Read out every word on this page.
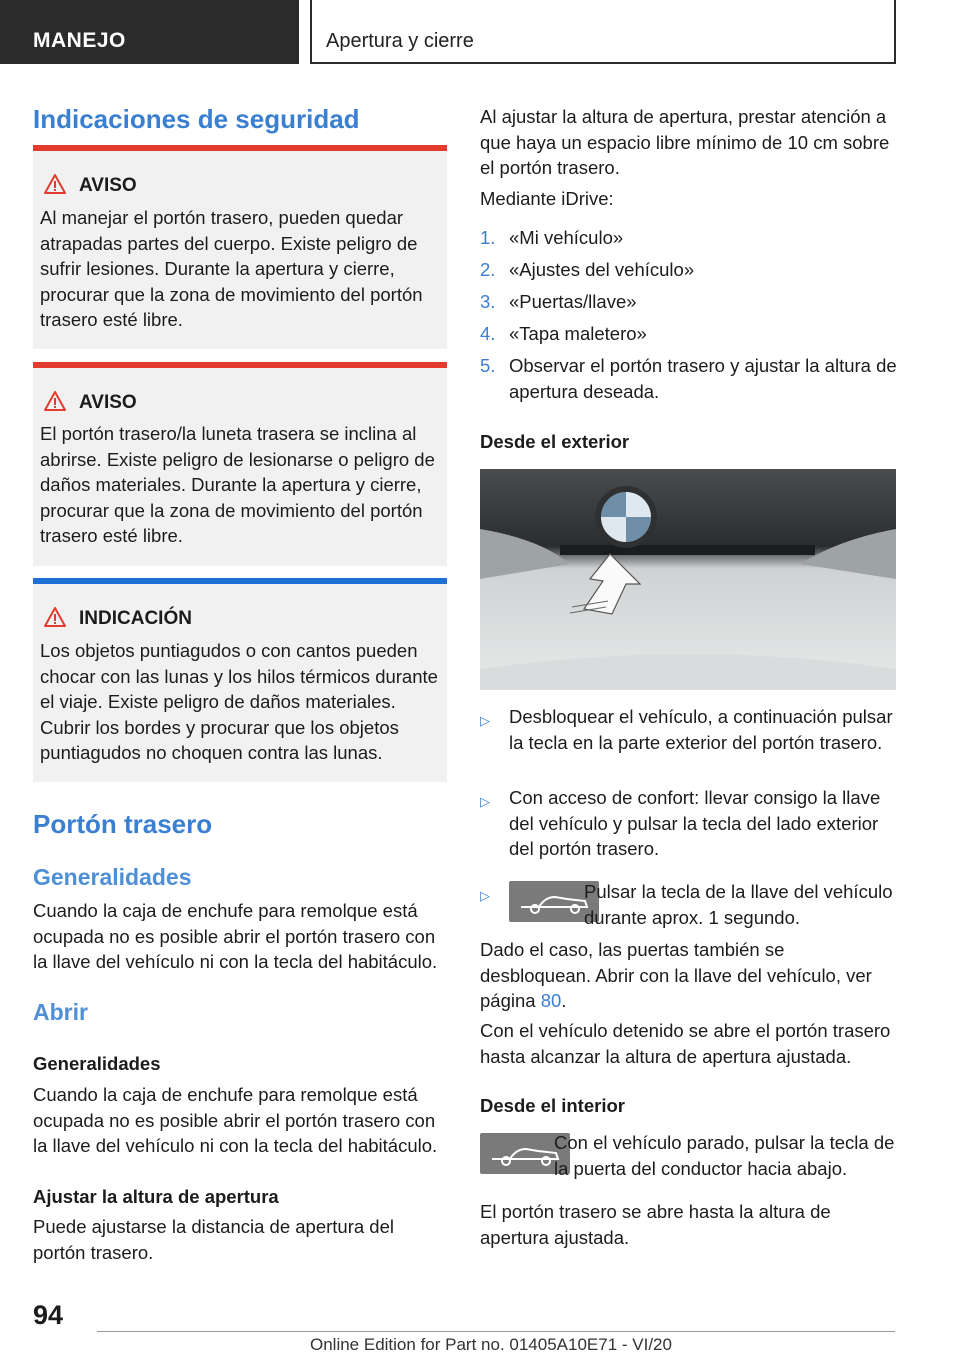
MANEJO	Apertura y cierre
Indicaciones de seguridad
AVISO
Al manejar el portón trasero, pueden quedar atrapadas partes del cuerpo. Existe peligro de sufrir lesiones. Durante la apertura y cierre, procurar que la zona de movimiento del portón trasero esté libre.
AVISO
El portón trasero/la luneta trasera se inclina al abrirse. Existe peligro de lesionarse o peligro de daños materiales. Durante la apertura y cierre, procurar que la zona de movimiento del portón trasero esté libre.
INDICACIÓN
Los objetos puntiagudos o con cantos pueden chocar con las lunas y los hilos térmicos durante el viaje. Existe peligro de daños materiales. Cubrir los bordes y procurar que los objetos puntiagudos no choquen contra las lunas.
Portón trasero
Generalidades
Cuando la caja de enchufe para remolque está ocupada no es posible abrir el portón trasero con la llave del vehículo ni con la tecla del habitáculo.
Abrir
Generalidades
Cuando la caja de enchufe para remolque está ocupada no es posible abrir el portón trasero con la llave del vehículo ni con la tecla del habitáculo.
Ajustar la altura de apertura
Puede ajustarse la distancia de apertura del portón trasero.
Al ajustar la altura de apertura, prestar atención a que haya un espacio libre mínimo de 10 cm sobre el portón trasero.
Mediante iDrive:
1. «Mi vehículo»
2. «Ajustes del vehículo»
3. «Puertas/llave»
4. «Tapa maletero»
5. Observar el portón trasero y ajustar la altura de apertura deseada.
Desde el exterior
▷ Desbloquear el vehículo, a continuación pulsar la tecla en la parte exterior del portón trasero.
▷ Con acceso de confort: llevar consigo la llave del vehículo y pulsar la tecla del lado exterior del portón trasero.
▷	Pulsar la tecla de la llave del vehículo durante aprox. 1 segundo.
Dado el caso, las puertas también se desbloquean. Abrir con la llave del vehículo, ver página 80.
Con el vehículo detenido se abre el portón trasero hasta alcanzar la altura de apertura ajustada.
Desde el interior
Con el vehículo parado, pulsar la tecla de la puerta del conductor hacia abajo.
El portón trasero se abre hasta la altura de apertura ajustada.
94
Online Edition for Part no. 01405A10E71 - VI/20
